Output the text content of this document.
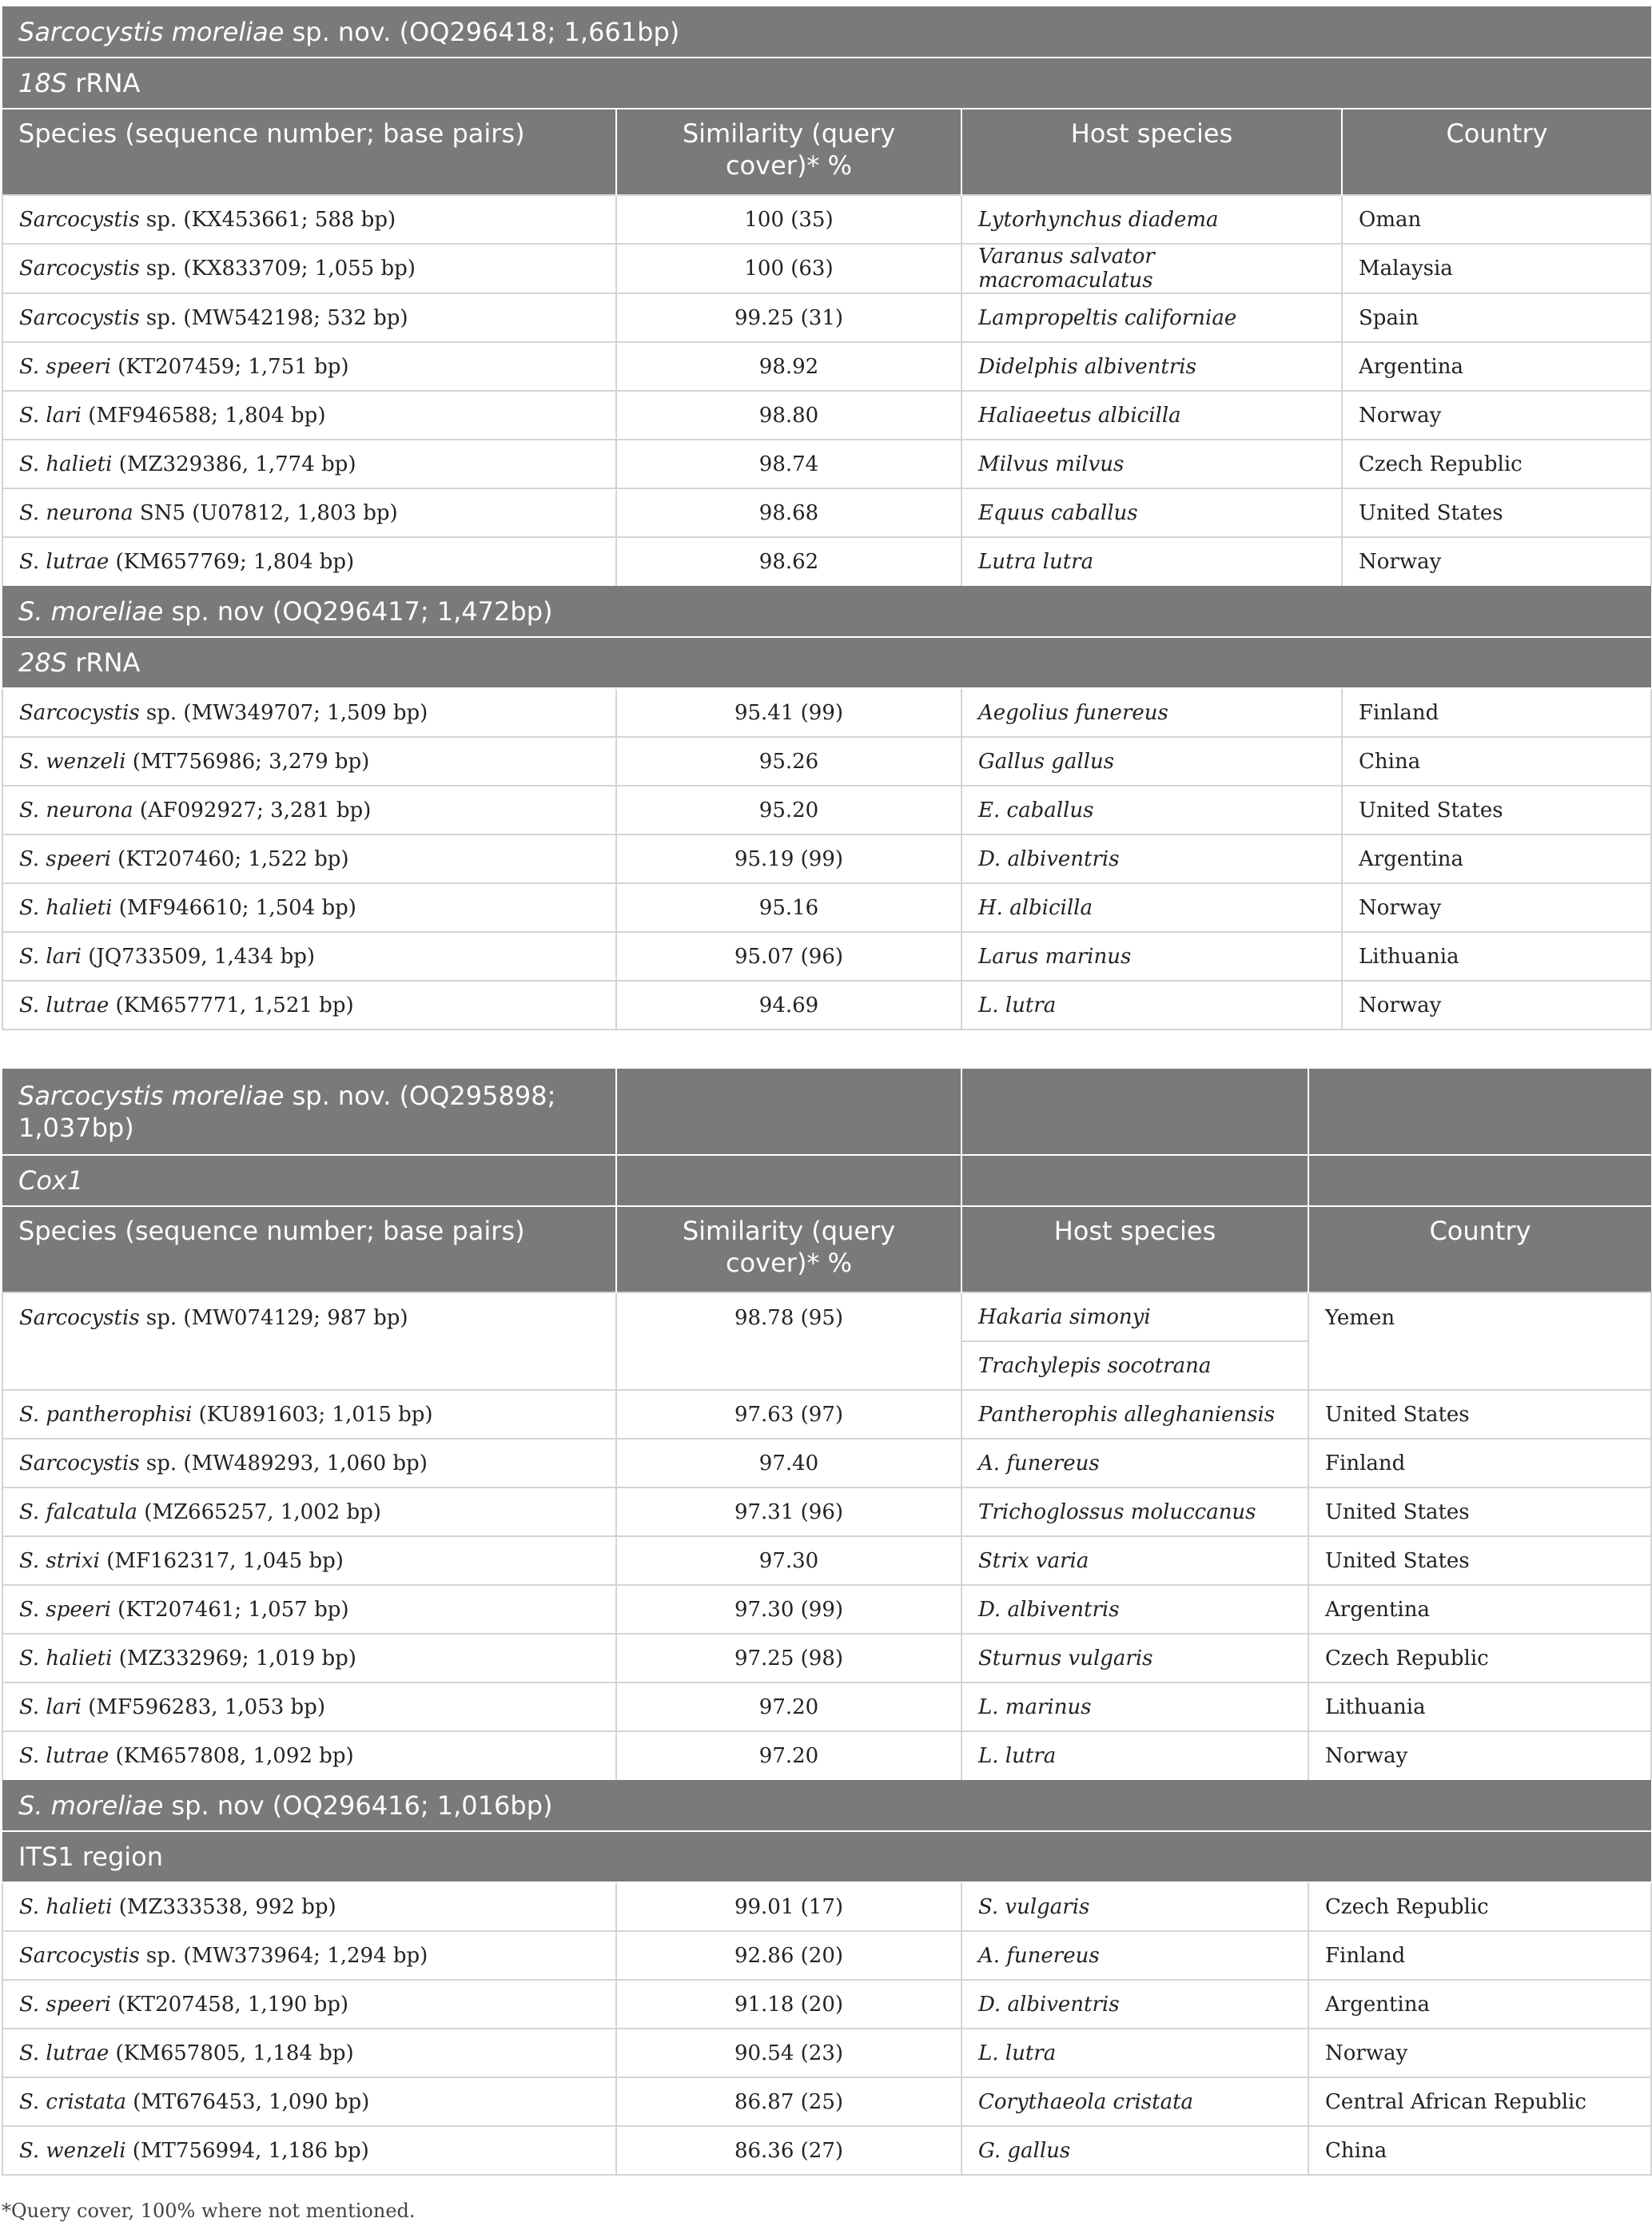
Sarcocystis moreliae sp. nov. (OQ296418; 1,661bp)			
18S rRNA			
Species (sequence number; base pairs)	Similarity (query cover)* %	Host species	Country
Sarcocystis sp. (KX453661; 588 bp)	100 (35)	Lytorhynchus diadema	Oman
Sarcocystis sp. (KX833709; 1,055 bp)	100 (63)	Varanus salvator macromaculatus	Malaysia
Sarcocystis sp. (MW542198; 532 bp)	99.25 (31)	Lampropeltis californiae	Spain
S. speeri (KT207459; 1,751 bp)	98.92	Didelphis albiventris	Argentina
S. lari (MF946588; 1,804 bp)	98.80	Haliaeetus albicilla	Norway
S. halieti (MZ329386, 1,774 bp)	98.74	Milvus milvus	Czech Republic
S. neurona SN5 (U07812, 1,803 bp)	98.68	Equus caballus	United States
S. lutrae (KM657769; 1,804 bp)	98.62	Lutra lutra	Norway
S. moreliae sp. nov (OQ296417; 1,472bp)			
28S rRNA			
Sarcocystis sp. (MW349707; 1,509 bp)	95.41 (99)	Aegolius funereus	Finland
S. wenzeli (MT756986; 3,279 bp)	95.26	Gallus gallus	China
S. neurona (AF092927; 3,281 bp)	95.20	E. caballus	United States
S. speeri (KT207460; 1,522 bp)	95.19 (99)	D. albiventris	Argentina
S. halieti (MF946610; 1,504 bp)	95.16	H. albicilla	Norway
S. lari (JQ733509, 1,434 bp)	95.07 (96)	Larus marinus	Lithuania
S. lutrae (KM657771, 1,521 bp)	94.69	L. lutra	Norway
Sarcocystis moreliae sp. nov. (OQ295898; 1,037bp)			
Cox1			
Species (sequence number; base pairs)	Similarity (query cover)* %	Host species	Country
Sarcocystis sp. (MW074129; 987 bp)	98.78 (95)	Hakaria simonyi	Yemen
		Trachylepis socotrana	
S. pantherophisi (KU891603; 1,015 bp)	97.63 (97)	Pantherophis alleghaniensis	United States
Sarcocystis sp. (MW489293, 1,060 bp)	97.40	A. funereus	Finland
S. falcatula (MZ665257, 1,002 bp)	97.31 (96)	Trichoglossus moluccanus	United States
S. strixi (MF162317, 1,045 bp)	97.30	Strix varia	United States
S. speeri (KT207461; 1,057 bp)	97.30 (99)	D. albiventris	Argentina
S. halieti (MZ332969; 1,019 bp)	97.25 (98)	Sturnus vulgaris	Czech Republic
S. lari (MF596283, 1,053 bp)	97.20	L. marinus	Lithuania
S. lutrae (KM657808, 1,092 bp)	97.20	L. lutra	Norway
S. moreliae sp. nov (OQ296416; 1,016bp)			
ITS1 region			
S. halieti (MZ333538, 992 bp)	99.01 (17)	S. vulgaris	Czech Republic
Sarcocystis sp. (MW373964; 1,294 bp)	92.86 (20)	A. funereus	Finland
S. speeri (KT207458, 1,190 bp)	91.18 (20)	D. albiventris	Argentina
S. lutrae (KM657805, 1,184 bp)	90.54 (23)	L. lutra	Norway
S. cristata (MT676453, 1,090 bp)	86.87 (25)	Corythaeola cristata	Central African Republic
S. wenzeli (MT756994, 1,186 bp)	86.36 (27)	G. gallus	China
*Query cover, 100% where not mentioned.
